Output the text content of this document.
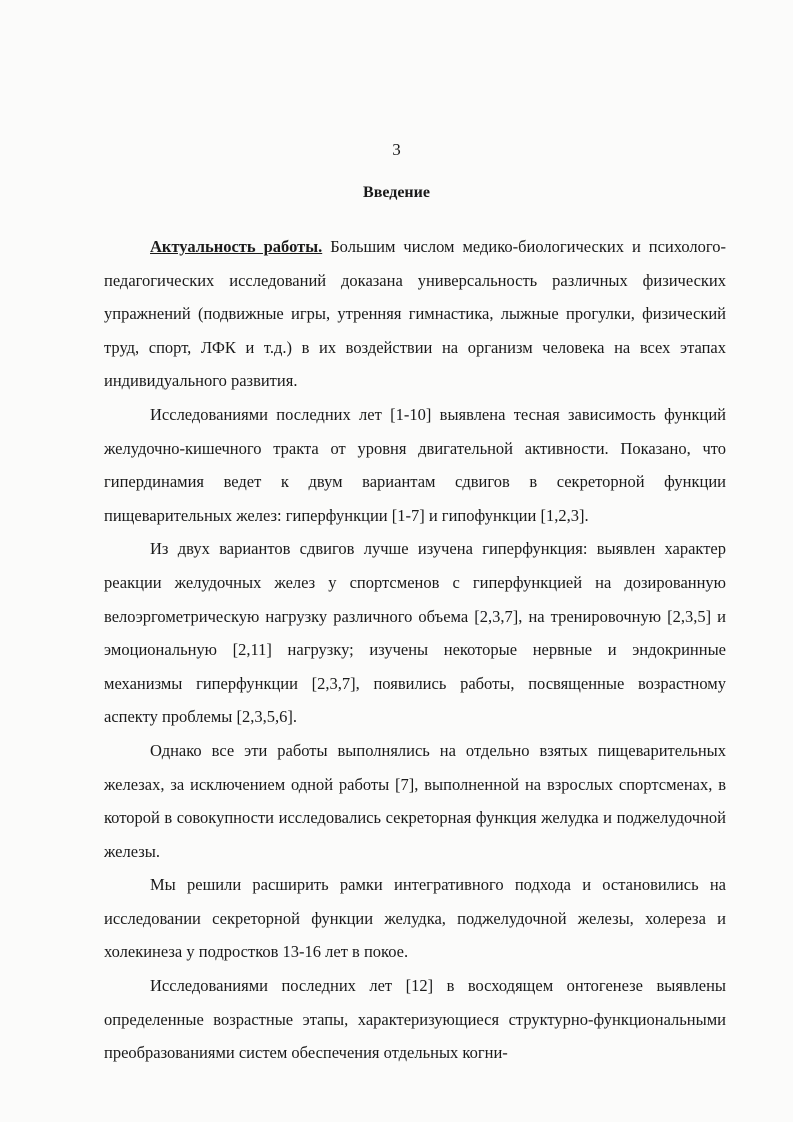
3
Введение

Актуальность работы. Большим числом медико-биологических и психолого-педагогических исследований доказана универсальность различных физических упражнений (подвижные игры, утренняя гимнастика, лыжные прогулки, физический труд, спорт, ЛФК и т.д.) в их воздействии на организм человека на всех этапах индивидуального развития.

Исследованиями последних лет [1-10] выявлена тесная зависимость функций желудочно-кишечного тракта от уровня двигательной активности. Показано, что гипердинамия ведет к двум вариантам сдвигов в секреторной функции пищеварительных желез: гиперфункции [1-7] и гипофункции [1,2,3].

Из двух вариантов сдвигов лучше изучена гиперфункция: выявлен характер реакции желудочных желез у спортсменов с гиперфункцией на дозированную велоэргометрическую нагрузку различного объема [2,3,7], на тренировочную [2,3,5] и эмоциональную [2,11] нагрузку; изучены некоторые нервные и эндокринные механизмы гиперфункции [2,3,7], появились работы, посвященные возрастному аспекту проблемы [2,3,5,6].

Однако все эти работы выполнялись на отдельно взятых пищеварительных железах, за исключением одной работы [7], выполненной на взрослых спортсменах, в которой в совокупности исследовались секреторная функция желудка и поджелудочной железы.

Мы решили расширить рамки интегративного подхода и остановились на исследовании секреторной функции желудка, поджелудочной железы, холереза и холекинеза у подростков 13-16 лет в покое.

Исследованиями последних лет [12] в восходящем онтогенезе выявлены определенные возрастные этапы, характеризующиеся структурно-функциональными преобразованиями систем обеспечения отдельных когни-
